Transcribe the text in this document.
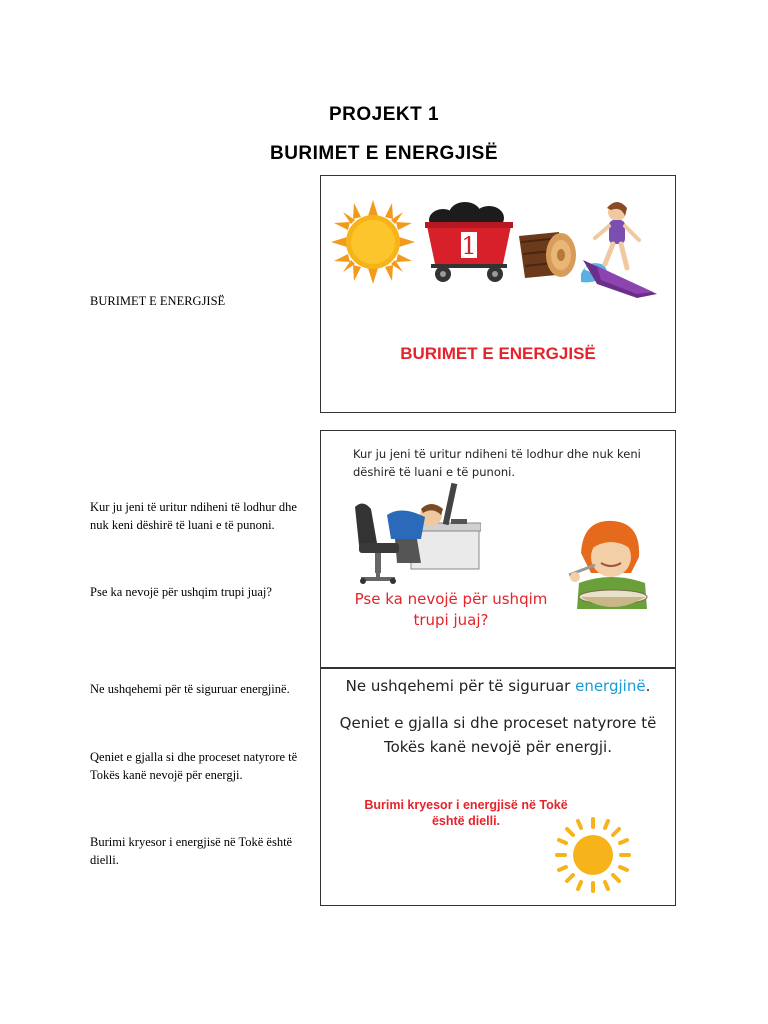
PROJEKT 1
BURIMET E ENERGJISË
BURIMET E ENERGJISË
Kur ju jeni të uritur ndiheni të lodhur dhe nuk keni dëshirë të luani e të punoni.
Pse ka nevojë për ushqim trupi juaj?
Ne ushqehemi për të siguruar energjinë.
Qeniet e gjalla si dhe proceset natyrore të Tokës kanë nevojë për energji.
Burimi kryesor i energjisë në Tokë është dielli.
1
BURIMET E ENERGJISË
Kur ju jeni të uritur ndiheni të lodhur dhe nuk keni dëshirë të luani e të punoni.
Pse ka nevojë për ushqim trupi juaj?
Ne ushqehemi për të siguruar energjinë.
Qeniet e gjalla si dhe proceset natyrore të Tokës kanë nevojë për energji.
Burimi kryesor i energjisë në Tokë është dielli.
